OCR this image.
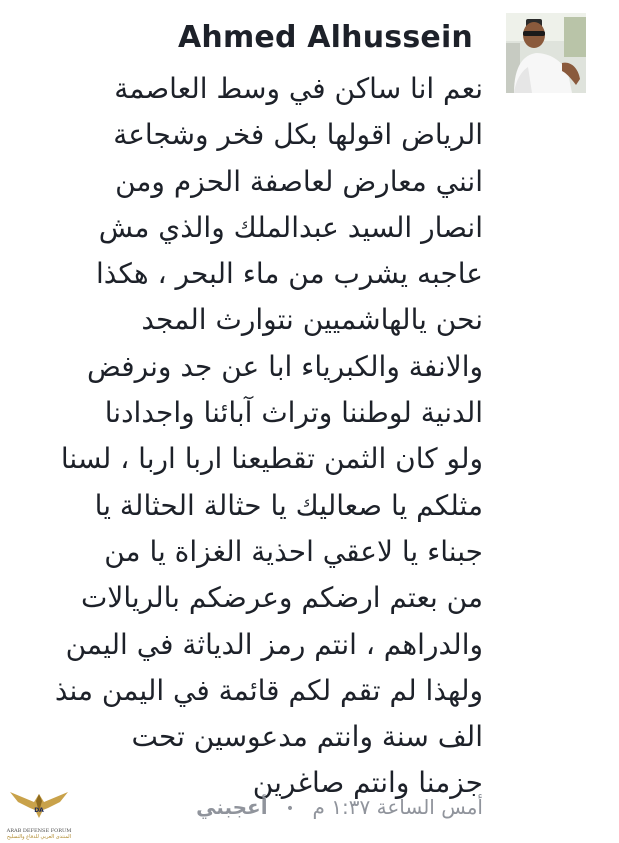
Ahmed Alhussein
نعم انا ساكن في وسط العاصمة
الرياض اقولها بكل فخر وشجاعة
انني معارض لعاصفة الحزم ومن
انصار السيد عبدالملك والذي مش
عاجبه يشرب من ماء البحر ، هكذا
نحن يالهاشميين نتوارث المجد
والانفة والكبرياء ابا عن جد ونرفض
الدنية لوطننا وتراث آبائنا واجدادنا
ولو كان الثمن تقطيعنا اربا اربا ، لسنا
مثلكم يا صعاليك يا حثالة الحثالة يا
جبناء يا لاعقي احذية الغزاة يا من
من بعتم ارضكم وعرضكم بالريالات
والدراهم ، انتم رمز الدياثة في اليمن
ولهذا لم تقم لكم قائمة في اليمن منذ
الف سنة وانتم مدعوسين تحت
جزمنا وانتم صاغرين
أمس الساعة ١:٣٧ م • أعجبني
DA
ARAB DEFENSE FORUM
المنتدى العربي للدفاع والتسليح
